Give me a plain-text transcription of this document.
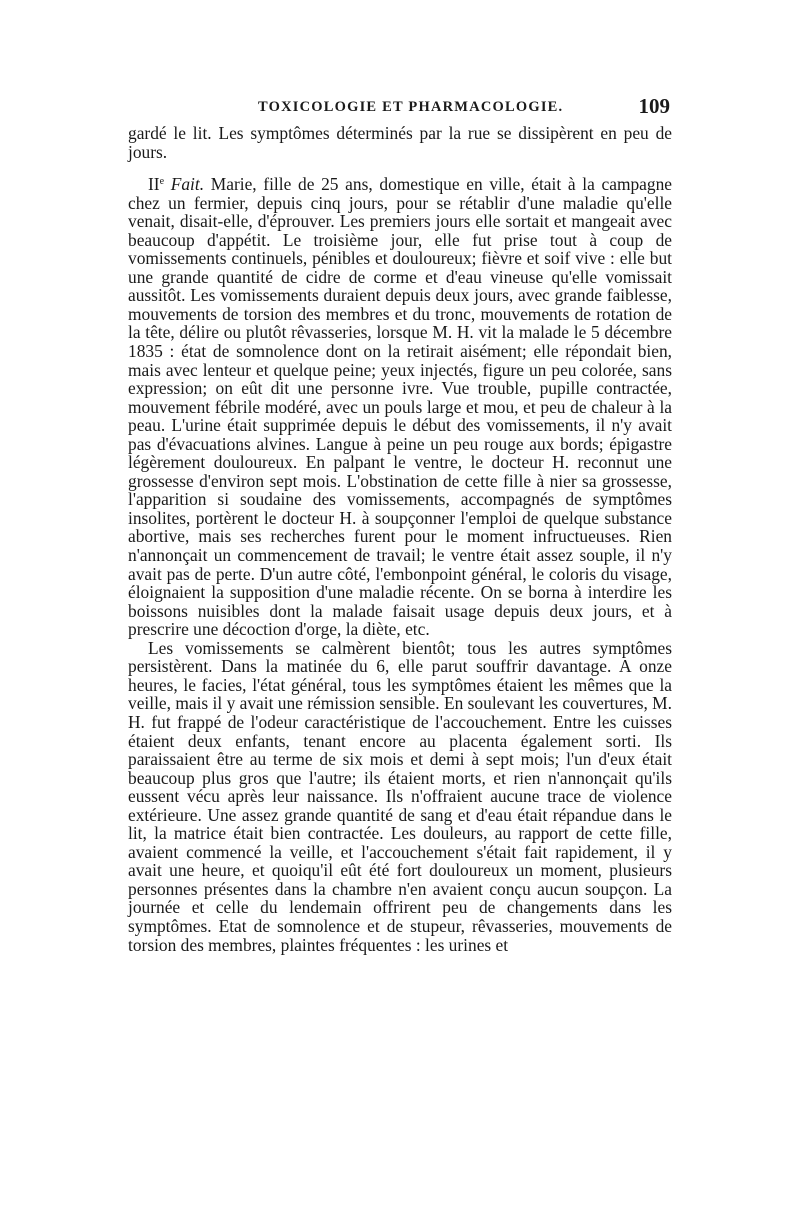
TOXICOLOGIE ET PHARMACOLOGIE.	109

gardé le lit. Les symptômes déterminés par la rue se dissipèrent en peu de jours.

IIe Fait. Marie, fille de 25 ans, domestique en ville, était à la campagne chez un fermier, depuis cinq jours, pour se rétablir d'une maladie qu'elle venait, disait-elle, d'éprouver. Les premiers jours elle sortait et mangeait avec beaucoup d'appétit. Le troisième jour, elle fut prise tout à coup de vomissements continuels, pénibles et douloureux; fièvre et soif vive : elle but une grande quantité de cidre de corme et d'eau vineuse qu'elle vomissait aussitôt. Les vomissements duraient depuis deux jours, avec grande faiblesse, mouvements de torsion des membres et du tronc, mouvements de rotation de la tête, délire ou plutôt rêvasseries, lorsque M. H. vit la malade le 5 décembre 1835 : état de somnolence dont on la retirait aisément; elle répondait bien, mais avec lenteur et quelque peine; yeux injectés, figure un peu colorée, sans expression; on eût dit une personne ivre. Vue trouble, pupille contractée, mouvement fébrile modéré, avec un pouls large et mou, et peu de chaleur à la peau. L'urine était supprimée depuis le début des vomissements, il n'y avait pas d'évacuations alvines. Langue à peine un peu rouge aux bords; épigastre légèrement douloureux. En palpant le ventre, le docteur H. reconnut une grossesse d'environ sept mois. L'obstination de cette fille à nier sa grossesse, l'apparition si soudaine des vomissements, accompagnés de symptômes insolites, portèrent le docteur H. à soupçonner l'emploi de quelque substance abortive, mais ses recherches furent pour le moment infructueuses. Rien n'annonçait un commencement de travail; le ventre était assez souple, il n'y avait pas de perte. D'un autre côté, l'embonpoint général, le coloris du visage, éloignaient la supposition d'une maladie récente. On se borna à interdire les boissons nuisibles dont la malade faisait usage depuis deux jours, et à prescrire une décoction d'orge, la diète, etc.

Les vomissements se calmèrent bientôt; tous les autres symptômes persistèrent. Dans la matinée du 6, elle parut souffrir davantage. A onze heures, le facies, l'état général, tous les symptômes étaient les mêmes que la veille, mais il y avait une rémission sensible. En soulevant les couvertures, M. H. fut frappé de l'odeur caractéristique de l'accouchement. Entre les cuisses étaient deux enfants, tenant encore au placenta également sorti. Ils paraissaient être au terme de six mois et demi à sept mois; l'un d'eux était beaucoup plus gros que l'autre; ils étaient morts, et rien n'annonçait qu'ils eussent vécu après leur naissance. Ils n'offraient aucune trace de violence extérieure. Une assez grande quantité de sang et d'eau était répandue dans le lit, la matrice était bien contractée. Les douleurs, au rapport de cette fille, avaient commencé la veille, et l'accouchement s'était fait rapidement, il y avait une heure, et quoiqu'il eût été fort douloureux un moment, plusieurs personnes présentes dans la chambre n'en avaient conçu aucun soupçon. La journée et celle du lendemain offrirent peu de changements dans les symptômes. Etat de somnolence et de stupeur, rêvasseries, mouvements de torsion des membres, plaintes fréquentes : les urines et
